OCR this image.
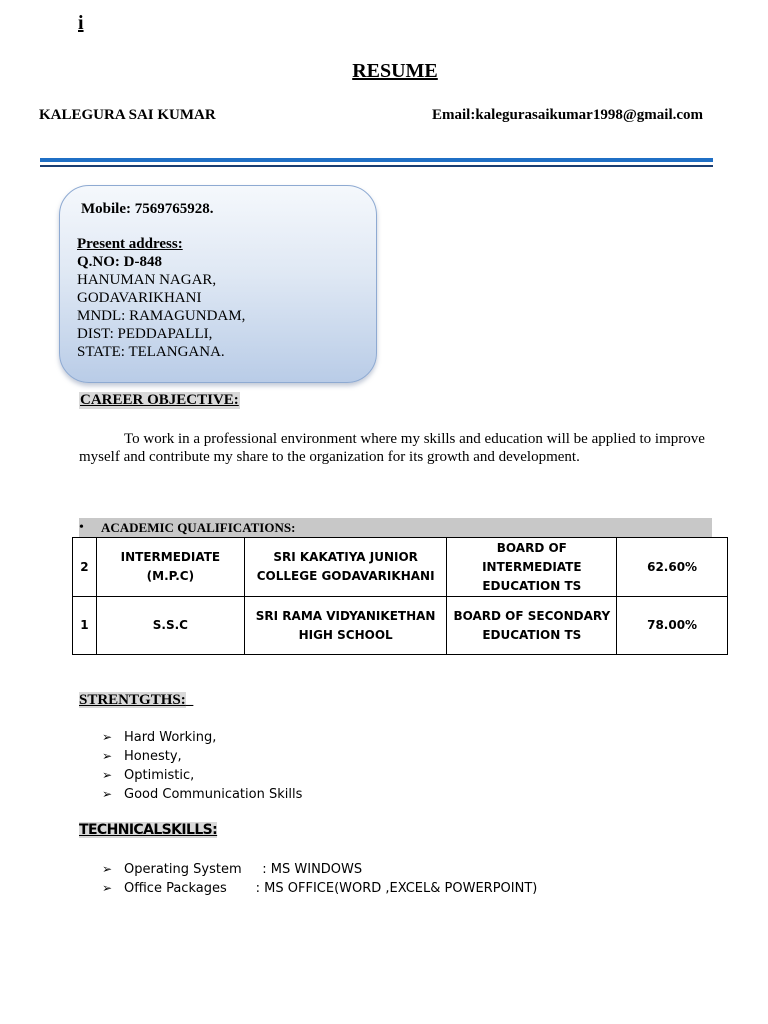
i
RESUME
KALEGURA SAI KUMAR	Email:kalegurasaikumar1998@gmail.com
Mobile: 7569765928.
Present address:
Q.NO: D-848
HANUMAN NAGAR,
GODAVARIKHANI
MNDL: RAMAGUNDAM,
DIST: PEDDAPALLI,
STATE: TELANGANA.
CAREER OBJECTIVE:
To work in a professional environment where my skills and education will be applied to improve myself and contribute my share to the organization for its growth and development.
• ACADEMIC QUALIFICATIONS:
2	INTERMEDIATE (M.P.C)	SRI KAKATIYA JUNIOR COLLEGE GODAVARIKHANI	BOARD OF INTERMEDIATE EDUCATION TS	62.60%
1	S.S.C	SRI RAMA VIDYANIKETHAN HIGH SCHOOL	BOARD OF SECONDARY EDUCATION TS	78.00%
STRENTGTHS:_
➢ Hard Working,
➢ Honesty,
➢ Optimistic,
➢ Good Communication Skills
TECHNICALSKILLS:
➢ Operating System     : MS WINDOWS
➢ Office Packages       : MS OFFICE(WORD ,EXCEL& POWERPOINT)
